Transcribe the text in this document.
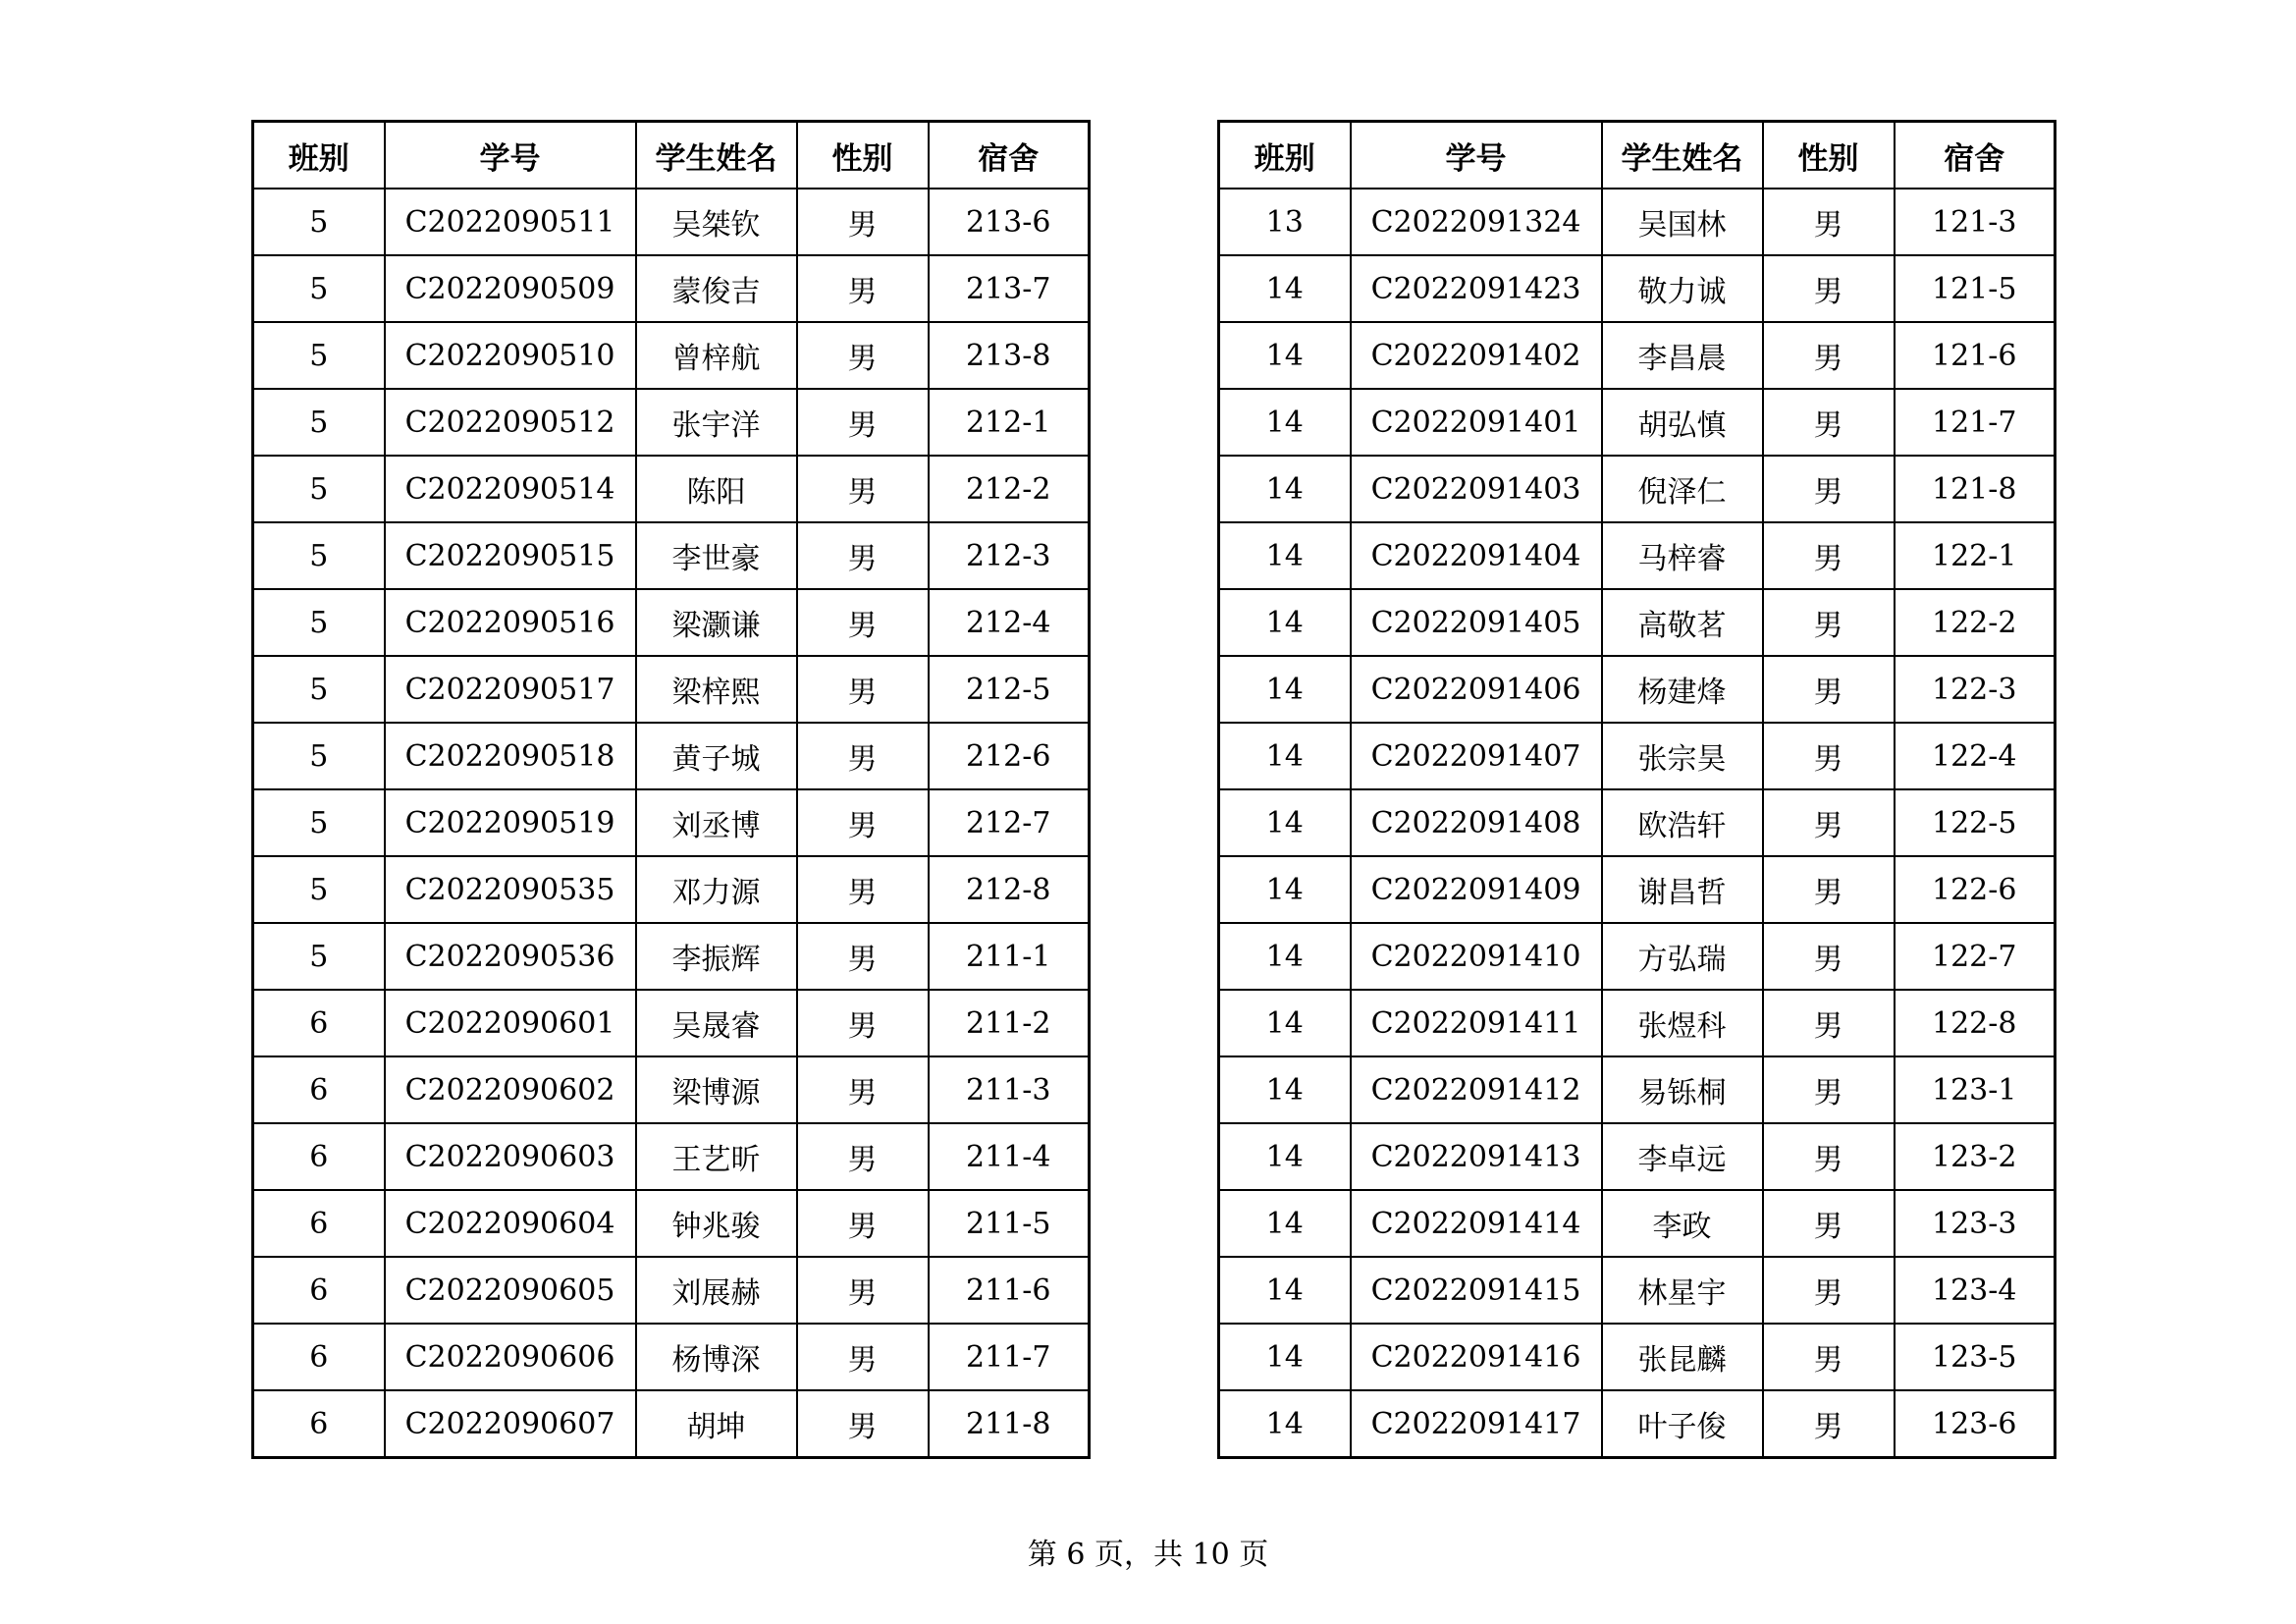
班别	学号	学生姓名	性别	宿舍
5	C2022090511	吴桀钦	男	213-6
5	C2022090509	蒙俊吉	男	213-7
5	C2022090510	曾梓航	男	213-8
5	C2022090512	张宇洋	男	212-1
5	C2022090514	陈阳	男	212-2
5	C2022090515	李世豪	男	212-3
5	C2022090516	梁灏谦	男	212-4
5	C2022090517	梁梓熙	男	212-5
5	C2022090518	黄子城	男	212-6
5	C2022090519	刘丞博	男	212-7
5	C2022090535	邓力源	男	212-8
5	C2022090536	李振辉	男	211-1
6	C2022090601	吴晟睿	男	211-2
6	C2022090602	梁博源	男	211-3
6	C2022090603	王艺昕	男	211-4
6	C2022090604	钟兆骏	男	211-5
6	C2022090605	刘展赫	男	211-6
6	C2022090606	杨博深	男	211-7
6	C2022090607	胡坤	男	211-8
班别	学号	学生姓名	性别	宿舍
13	C2022091324	吴国林	男	121-3
14	C2022091423	敬力诚	男	121-5
14	C2022091402	李昌晨	男	121-6
14	C2022091401	胡弘慎	男	121-7
14	C2022091403	倪泽仁	男	121-8
14	C2022091404	马梓睿	男	122-1
14	C2022091405	高敬茗	男	122-2
14	C2022091406	杨建烽	男	122-3
14	C2022091407	张宗昊	男	122-4
14	C2022091408	欧浩轩	男	122-5
14	C2022091409	谢昌哲	男	122-6
14	C2022091410	方弘瑞	男	122-7
14	C2022091411	张煜科	男	122-8
14	C2022091412	易铄桐	男	123-1
14	C2022091413	李卓远	男	123-2
14	C2022091414	李政	男	123-3
14	C2022091415	林星宇	男	123-4
14	C2022091416	张昆麟	男	123-5
14	C2022091417	叶子俊	男	123-6
第 6 页，共 10 页
